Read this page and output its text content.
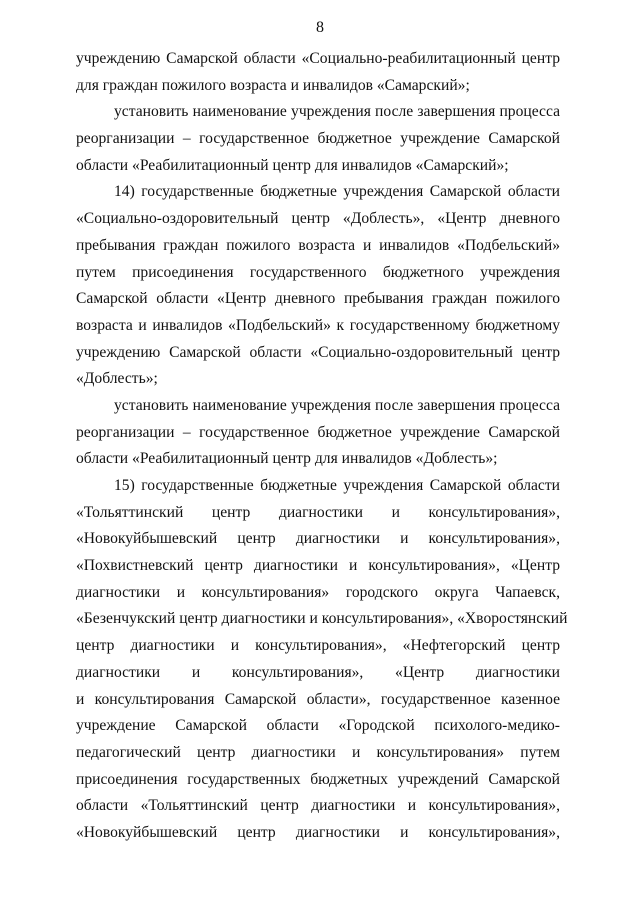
8
учреждению Самарской области «Социально-реабилитационный центр
для граждан пожилого возраста и инвалидов «Самарский»;
установить наименование учреждения после завершения процесса
реорганизации – государственное бюджетное учреждение Самарской
области «Реабилитационный центр для инвалидов «Самарский»;
14) государственные бюджетные учреждения Самарской области
«Социально-оздоровительный центр «Доблесть», «Центр дневного
пребывания граждан пожилого возраста и инвалидов «Подбельский»
путем присоединения государственного бюджетного учреждения
Самарской области «Центр дневного пребывания граждан пожилого
возраста и инвалидов «Подбельский» к государственному бюджетному
учреждению Самарской области «Социально-оздоровительный центр
«Доблесть»;
установить наименование учреждения после завершения процесса
реорганизации – государственное бюджетное учреждение Самарской
области «Реабилитационный центр для инвалидов «Доблесть»;
15) государственные бюджетные учреждения Самарской области
«Тольяттинский центр диагностики и консультирования»,
«Новокуйбышевский центр диагностики и консультирования»,
«Похвистневский центр диагностики и консультирования», «Центр
диагностики и консультирования» городского округа Чапаевск,
«Безенчукский центр диагностики и консультирования», «Хворостянский
центр диагностики и консультирования», «Нефтегорский центр
диагностики и консультирования», «Центр диагностики
и консультирования Самарской области», государственное казенное
учреждение Самарской области «Городской психолого-медико-
педагогический центр диагностики и консультирования» путем
присоединения государственных бюджетных учреждений Самарской
области «Тольяттинский центр диагностики и консультирования»,
«Новокуйбышевский центр диагностики и консультирования»,
